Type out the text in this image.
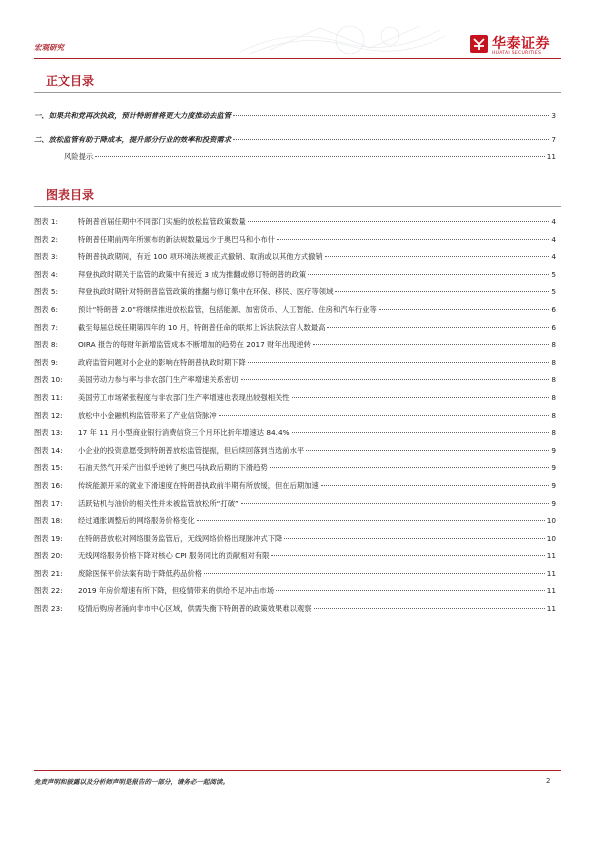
宏观研究	华泰证券
HUATAI SECURITIES
正文目录
一、如果共和党再次执政，预计特朗普将更大力度推动去监管	3
二、放松监管有助于降成本，提升部分行业的效率和投资需求	7
风险提示	11
图表目录
图表 1:	特朗普首届任期中不同部门实施的放松监管政策数量	4
图表 2:	特朗普任期前两年所颁布的新法规数量远少于奥巴马和小布什	4
图表 3:	特朗普执政期间，有近 100 项环境法规被正式撤销、取消或以其他方式撤销	4
图表 4:	拜登执政时期关于监管的政策中有接近 3 成为推翻或修订特朗普的政策	5
图表 5:	拜登执政时期针对特朗普监管政策的推翻与修订集中在环保、移民、医疗等领域	5
图表 6:	预计“特朗普 2.0”将继续推进放松监管，包括能源、加密货币、人工智能、住房和汽车行业等	6
图表 7:	截至每届总统任期第四年的 10 月，特朗普任命的联邦上诉法院法官人数最高	6
图表 8:	OIRA 报告的每财年新增监管成本不断增加的趋势在 2017 财年出现逆转	8
图表 9:	政府监管问题对小企业的影响在特朗普执政时期下降	8
图表 10:	美国劳动力参与率与非农部门生产率增速关系密切	8
图表 11:	美国劳工市场紧张程度与非农部门生产率增速也表现出较强相关性	8
图表 12:	放松中小金融机构监管带来了产业信贷脉冲	8
图表 13:	17 年 11 月小型商业银行消费信贷三个月环比折年增速达 84.4%	8
图表 14:	小企业的投资意愿受到特朗普放松监管提振，但后续回落到当选前水平	9
图表 15:	石油天然气开采产出似乎逆转了奥巴马执政后期的下滑趋势	9
图表 16:	传统能源开采的就业下滑速度在特朗普执政前半期有所放缓，但在后期加速	9
图表 17:	活跃钻机与油价的相关性并未被监管放松所“打破”	9
图表 18:	经过通胀调整后的网络服务价格变化	10
图表 19:	在特朗普放松对网络服务监管后，无线网络价格出现脉冲式下降	10
图表 20:	无线网络服务价格下降对核心 CPI 服务同比的贡献相对有限	11
图表 21:	废除医保平价法案有助于降低药品价格	11
图表 22:	2019 年房价增速有所下降，但疫情带来的供给不足冲击市场	11
图表 23:	疫情后购房者涌向非市中心区域，供需失衡下特朗普的政策效果难以观察	11
免责声明和披露以及分析师声明是报告的一部分，请务必一起阅读。	2
